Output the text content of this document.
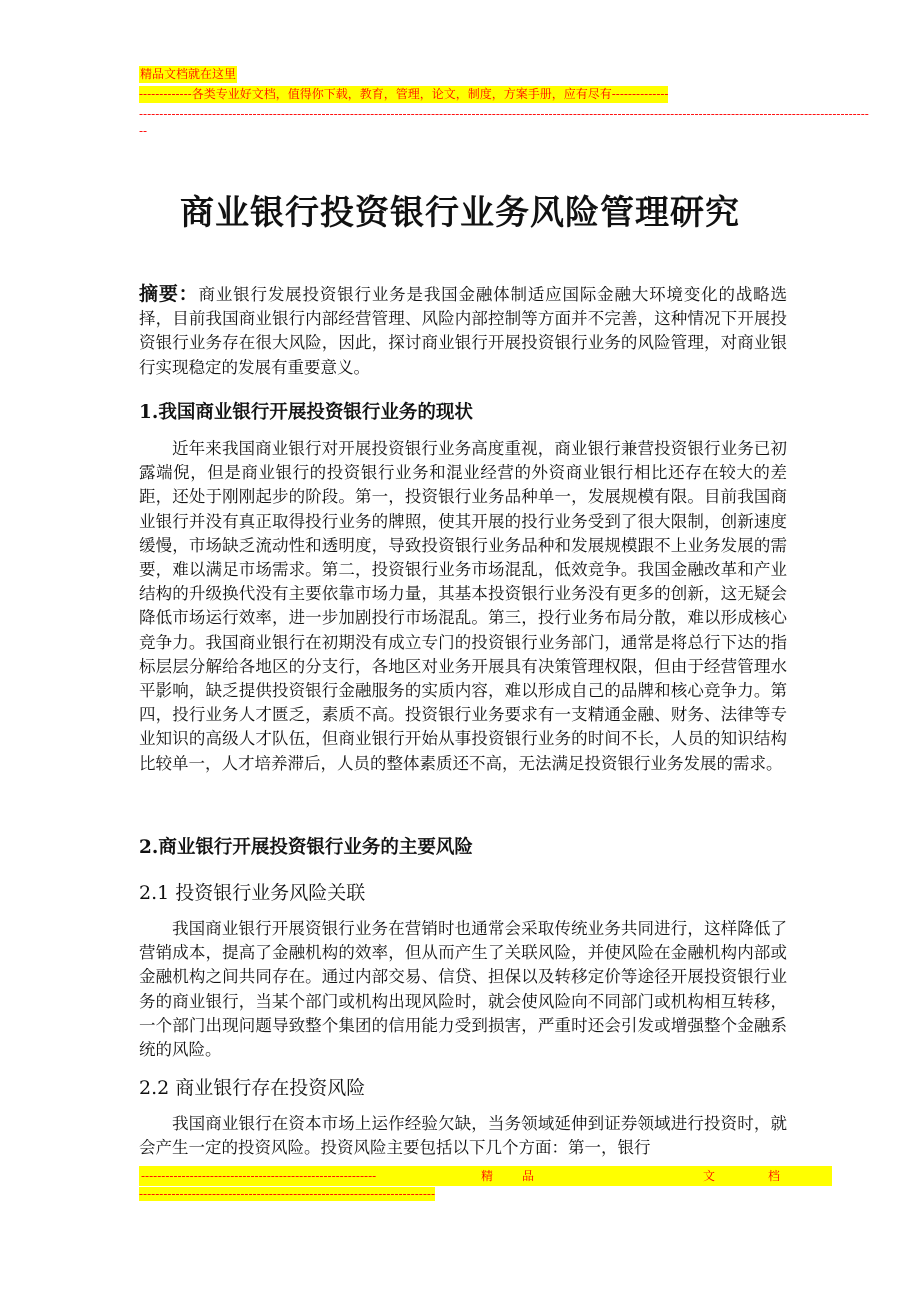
精品文档就在这里
-------------各类专业好文档，值得你下载，教育，管理，论文，制度，方案手册，应有尽有--------------
------------------------------------------------------------------------------------------------------------------------------------------------------------------------------------
--
商业银行投资银行业务风险管理研究
摘要：商业银行发展投资银行业务是我国金融体制适应国际金融大环境变化的战略选择，目前我国商业银行内部经营管理、风险内部控制等方面并不完善，这种情况下开展投资银行业务存在很大风险，因此，探讨商业银行开展投资银行业务的风险管理，对商业银行实现稳定的发展有重要意义。
1.我国商业银行开展投资银行业务的现状
近年来我国商业银行对开展投资银行业务高度重视，商业银行兼营投资银行业务已初露端倪，但是商业银行的投资银行业务和混业经营的外资商业银行相比还存在较大的差距，还处于刚刚起步的阶段。第一，投资银行业务品种单一，发展规模有限。目前我国商业银行并没有真正取得投行业务的牌照，使其开展的投行业务受到了很大限制，创新速度缓慢，市场缺乏流动性和透明度，导致投资银行业务品种和发展规模跟不上业务发展的需要，难以满足市场需求。第二，投资银行业务市场混乱，低效竞争。我国金融改革和产业结构的升级换代没有主要依靠市场力量，其基本投资银行业务没有更多的创新，这无疑会降低市场运行效率，进一步加剧投行市场混乱。第三，投行业务布局分散，难以形成核心竞争力。我国商业银行在初期没有成立专门的投资银行业务部门，通常是将总行下达的指标层层分解给各地区的分支行，各地区对业务开展具有决策管理权限，但由于经营管理水平影响，缺乏提供投资银行金融服务的实质内容，难以形成自己的品牌和核心竞争力。第四，投行业务人才匮乏，素质不高。投资银行业务要求有一支精通金融、财务、法律等专业知识的高级人才队伍，但商业银行开始从事投资银行业务的时间不长，人员的知识结构比较单一，人才培养滞后，人员的整体素质还不高，无法满足投资银行业务发展的需求。
2.商业银行开展投资银行业务的主要风险
2.1 投资银行业务风险关联
我国商业银行开展资银行业务在营销时也通常会采取传统业务共同进行，这样降低了营销成本，提高了金融机构的效率，但从而产生了关联风险，并使风险在金融机构内部或金融机构之间共同存在。通过内部交易、信贷、担保以及转移定价等途径开展投资银行业务的商业银行，当某个部门或机构出现风险时，就会使风险向不同部门或机构相互转移，一个部门出现问题导致整个集团的信用能力受到损害，严重时还会引发或增强整个金融系统的风险。
2.2 商业银行存在投资风险
我国商业银行在资本市场上运作经验欠缺，当务领域延伸到证券领域进行投资时，就会产生一定的投资风险。投资风险主要包括以下几个方面：第一，银行
----------------------------------------------------------	精 品	文	档
-------------------------------------------------------------------------
